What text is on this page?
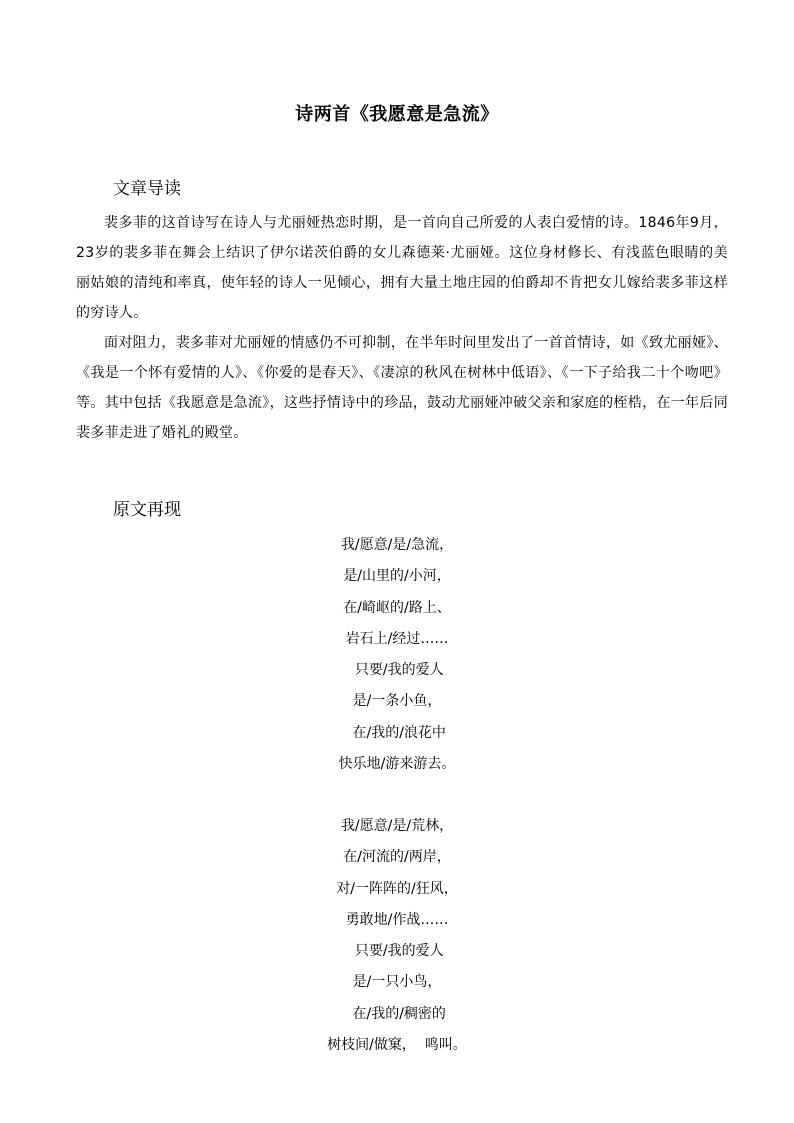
诗两首《我愿意是急流》
文章导读

裴多菲的这首诗写在诗人与尤丽娅热恋时期，是一首向自己所爱的人表白爱情的诗。1846年9月，23岁的裴多菲在舞会上结识了伊尔诺茨伯爵的女儿森德莱·尤丽娅。这位身材修长、有浅蓝色眼睛的美丽姑娘的清纯和率真，使年轻的诗人一见倾心，拥有大量土地庄园的伯爵却不肯把女儿嫁给裴多菲这样的穷诗人。

面对阻力，裴多菲对尤丽娅的情感仍不可抑制，在半年时间里发出了一首首情诗，如《致尤丽娅》、《我是一个怀有爱情的人》、《你爱的是春天》、《凄凉的秋风在树林中低语》、《一下子给我二十个吻吧》等。其中包括《我愿意是急流》，这些抒情诗中的珍品，鼓动尤丽娅冲破父亲和家庭的桎梏，在一年后同裴多菲走进了婚礼的殿堂。

原文再现
我/愿意/是/急流，
是/山里的/小河，
在/崎岖的/路上、
岩石上/经过……
只要/我的爱人
是/一条小鱼，
在/我的/浪花中
快乐地/游来游去。
我/愿意/是/荒林，
在/河流的/两岸，
对/一阵阵的/狂风，
勇敢地/作战……
只要/我的爱人
是/一只小鸟，
在/我的/稠密的
树枝间/做窠，  鸣叫。
